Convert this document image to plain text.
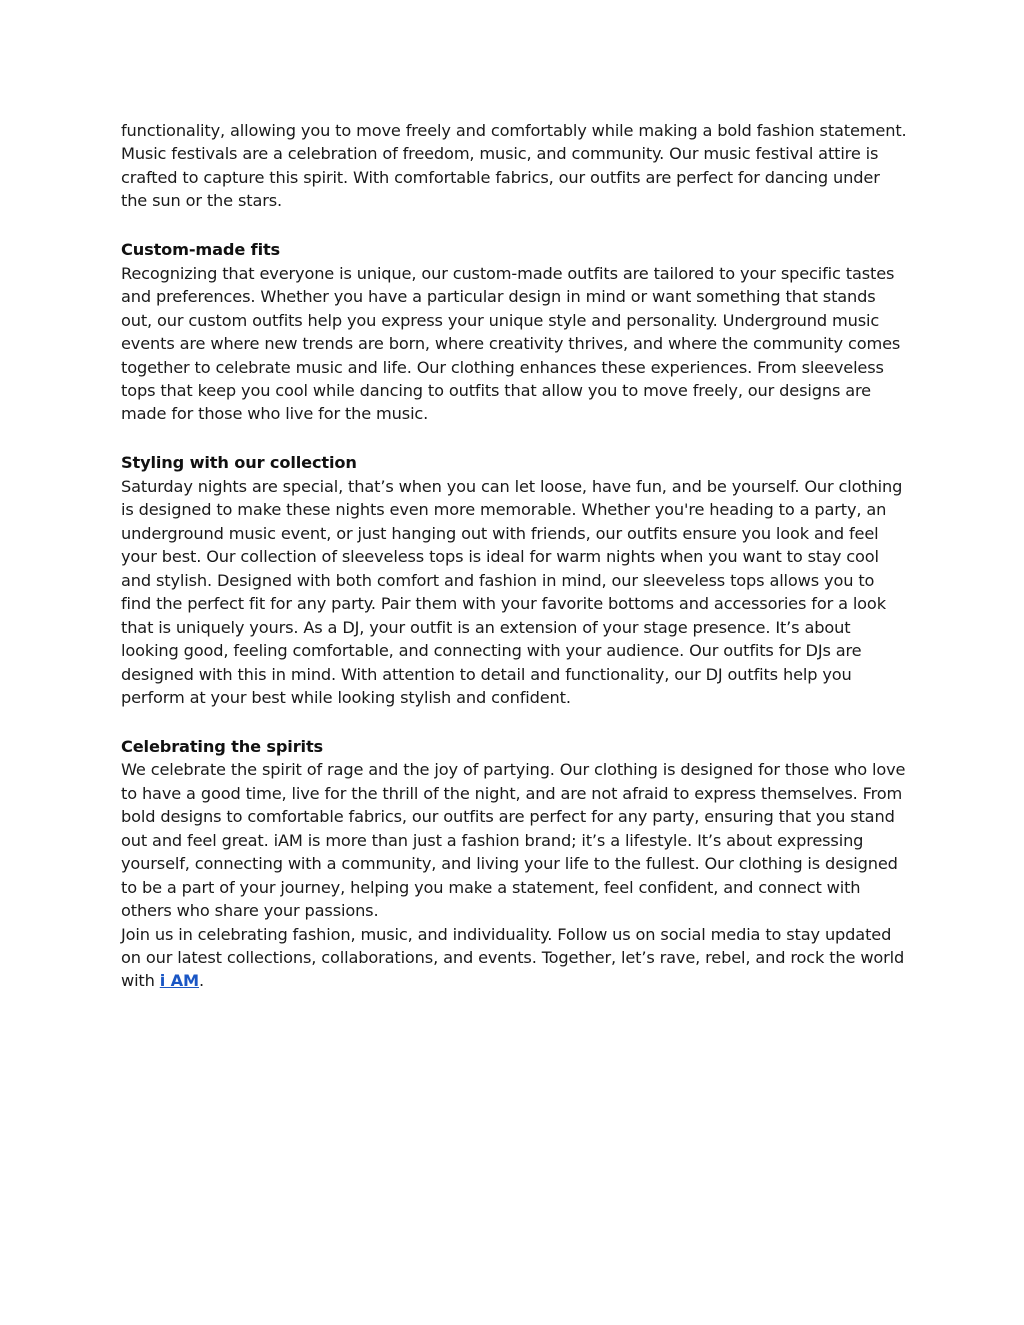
functionality, allowing you to move freely and comfortably while making a bold fashion statement. Music festivals are a celebration of freedom, music, and community. Our music festival attire is crafted to capture this spirit. With comfortable fabrics, our outfits are perfect for dancing under the sun or the stars.

Custom-made fits

Recognizing that everyone is unique, our custom-made outfits are tailored to your specific tastes and preferences. Whether you have a particular design in mind or want something that stands out, our custom outfits help you express your unique style and personality. Underground music events are where new trends are born, where creativity thrives, and where the community comes together to celebrate music and life. Our clothing enhances these experiences. From sleeveless tops that keep you cool while dancing to outfits that allow you to move freely, our designs are made for those who live for the music.

Styling with our collection

Saturday nights are special, that’s when you can let loose, have fun, and be yourself. Our clothing is designed to make these nights even more memorable. Whether you're heading to a party, an underground music event, or just hanging out with friends, our outfits ensure you look and feel your best. Our collection of sleeveless tops is ideal for warm nights when you want to stay cool and stylish. Designed with both comfort and fashion in mind, our sleeveless tops allows you to find the perfect fit for any party. Pair them with your favorite bottoms and accessories for a look that is uniquely yours. As a DJ, your outfit is an extension of your stage presence. It’s about looking good, feeling comfortable, and connecting with your audience. Our outfits for DJs are designed with this in mind. With attention to detail and functionality, our DJ outfits help you perform at your best while looking stylish and confident.

Celebrating the spirits

We celebrate the spirit of rage and the joy of partying. Our clothing is designed for those who love to have a good time, live for the thrill of the night, and are not afraid to express themselves. From bold designs to comfortable fabrics, our outfits are perfect for any party, ensuring that you stand out and feel great. iAM is more than just a fashion brand; it’s a lifestyle. It’s about expressing yourself, connecting with a community, and living your life to the fullest. Our clothing is designed to be a part of your journey, helping you make a statement, feel confident, and connect with others who share your passions.

Join us in celebrating fashion, music, and individuality. Follow us on social media to stay updated on our latest collections, collaborations, and events. Together, let’s rave, rebel, and rock the world with i AM.
